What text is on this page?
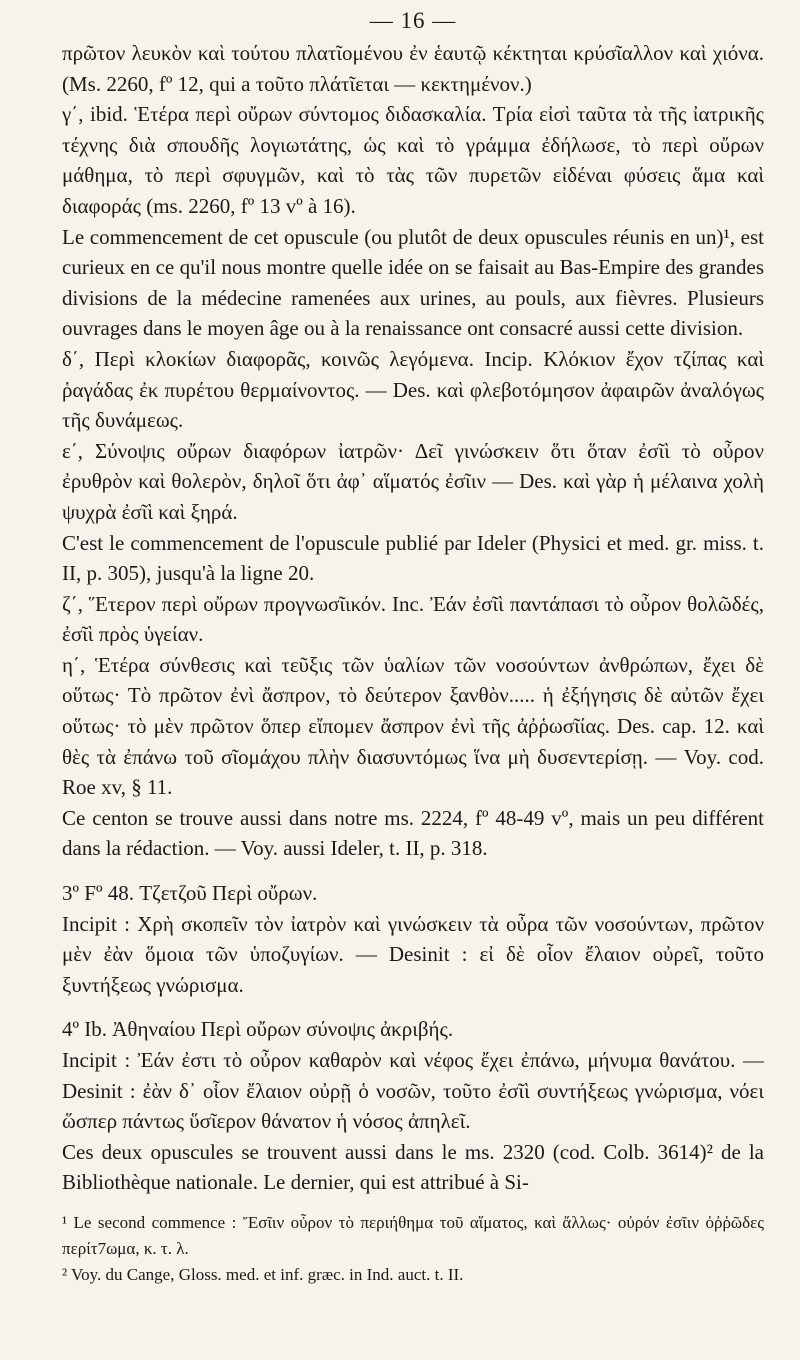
— 16 —

πρῶτον λευκὸν καὶ τούτου πλατῖομένου ἐν ἑαυτῷ κέκτηται κρύσῖαλλον καὶ χιόνα. (Ms. 2260, fº 12, qui a τοῦτο πλάτῖεται — κεκτημένον.)

γ΄, ibid. Ἑτέρα περὶ οὔρων σύντομος διδασκαλία. Τρία εἰσὶ ταῦτα τὰ τῆς ἰατρικῆς τέχνης διὰ σπουδῆς λογιωτάτης, ὡς καὶ τὸ γράμμα ἐδήλωσε, τὸ περὶ οὔρων μάθημα, τὸ περὶ σφυγμῶν, καὶ τὸ τὰς τῶν πυρετῶν εἰδέναι φύσεις ἅμα καὶ διαφοράς (ms. 2260, fº 13 vº à 16).

Le commencement de cet opuscule (ou plutôt de deux opuscules réunis en un)¹, est curieux en ce qu'il nous montre quelle idée on se faisait au Bas-Empire des grandes divisions de la médecine ramenées aux urines, au pouls, aux fièvres. Plusieurs ouvrages dans le moyen âge ou à la renaissance ont consacré aussi cette division.

δ΄, Περὶ κλοκίων διαφορᾶς, κοινῶς λεγόμενα. Incip. Κλόκιον ἔχον τζίπας καὶ ῥαγάδας ἐκ πυρέτου θερμαίνοντος. — Des. καὶ φλεβοτόμησον ἀφαιρῶν ἀναλόγως τῆς δυνάμεως.

ε΄, Σύνοψις οὔρων διαφόρων ἰατρῶν· Δεῖ γινώσκειν ὅτι ὅταν ἐσῖὶ τὸ οὖρον ἐρυθρὸν καὶ θολερὸν, δηλοῖ ὅτι ἀφ᾽ αἵματός ἐσῖιν — Des. καὶ γὰρ ἡ μέλαινα χολὴ ψυχρὰ ἐσῖὶ καὶ ξηρά.

C'est le commencement de l'opuscule publié par Ideler (Physici et med. gr. miss. t. II, p. 305), jusqu'à la ligne 20.

ζ΄, Ἕτερον περὶ οὔρων προγνωσῖικόν. Inc. Ἐάν ἐσῖὶ παντάπασι τὸ οὖρον θολῶδές, ἐσῖὶ πρὸς ὑγείαν.

η΄, Ἑτέρα σύνθεσις καὶ τεῦξις τῶν ὑαλίων τῶν νοσούντων ἀνθρώπων, ἔχει δὲ οὕτως· Τὸ πρῶτον ἐνὶ ἄσπρον, τὸ δεύτερον ξανθὸν..... ἡ ἐξήγησις δὲ αὐτῶν ἔχει οὕτως· τὸ μὲν πρῶτον ὅπερ εἴπομεν ἄσπρον ἐνὶ τῆς ἀῤῥωσῖίας. Des. cap. 12. καὶ θὲς τὰ ἐπάνω τοῦ σῖομάχου πλὴν διασυντόμως ἵνα μὴ δυσεντερίσῃ. — Voy. cod. Roe xv, § 11.

Ce centon se trouve aussi dans notre ms. 2224, fº 48-49 vº, mais un peu différent dans la rédaction. — Voy. aussi Ideler, t. II, p. 318.

3º Fº 48. Τζετζοῦ Περὶ οὔρων.

Incipit : Χρὴ σκοπεῖν τὸν ἰατρὸν καὶ γινώσκειν τὰ οὖρα τῶν νοσούντων, πρῶτον μὲν ἐὰν ὅμοια τῶν ὑποζυγίων. — Desinit : εἰ δὲ οἷον ἔλαιον οὐρεῖ, τοῦτο ξυντήξεως γνώρισμα.

4º Ib. Ἀθηναίου Περὶ οὔρων σύνοψις ἀκριβής.

Incipit : Ἐάν ἐστι τὸ οὖρον καθαρὸν καὶ νέφος ἔχει ἐπάνω, μήνυμα θανάτου. — Desinit : ἐὰν δ᾽ οἷον ἔλαιον οὐρῇ ὁ νοσῶν, τοῦτο ἐσῖὶ συντήξεως γνώρισμα, νόει ὥσπερ πάντως ὕσῖερον θάνατον ἡ νόσος ἀπηλεῖ.

Ces deux opuscules se trouvent aussi dans le ms. 2320 (cod. Colb. 3614)² de la Bibliothèque nationale. Le dernier, qui est attribué à Si-

¹ Le second commence : Ἔσῖιν οὖρον τὸ περιήθημα τοῦ αἵματος, καὶ ἄλλως· οὐρόν ἐσῖιν ὀῤῥῶδες περίτ7ωμα, κ. τ. λ.

² Voy. du Cange, Gloss. med. et inf. græc. in Ind. auct. t. II.
